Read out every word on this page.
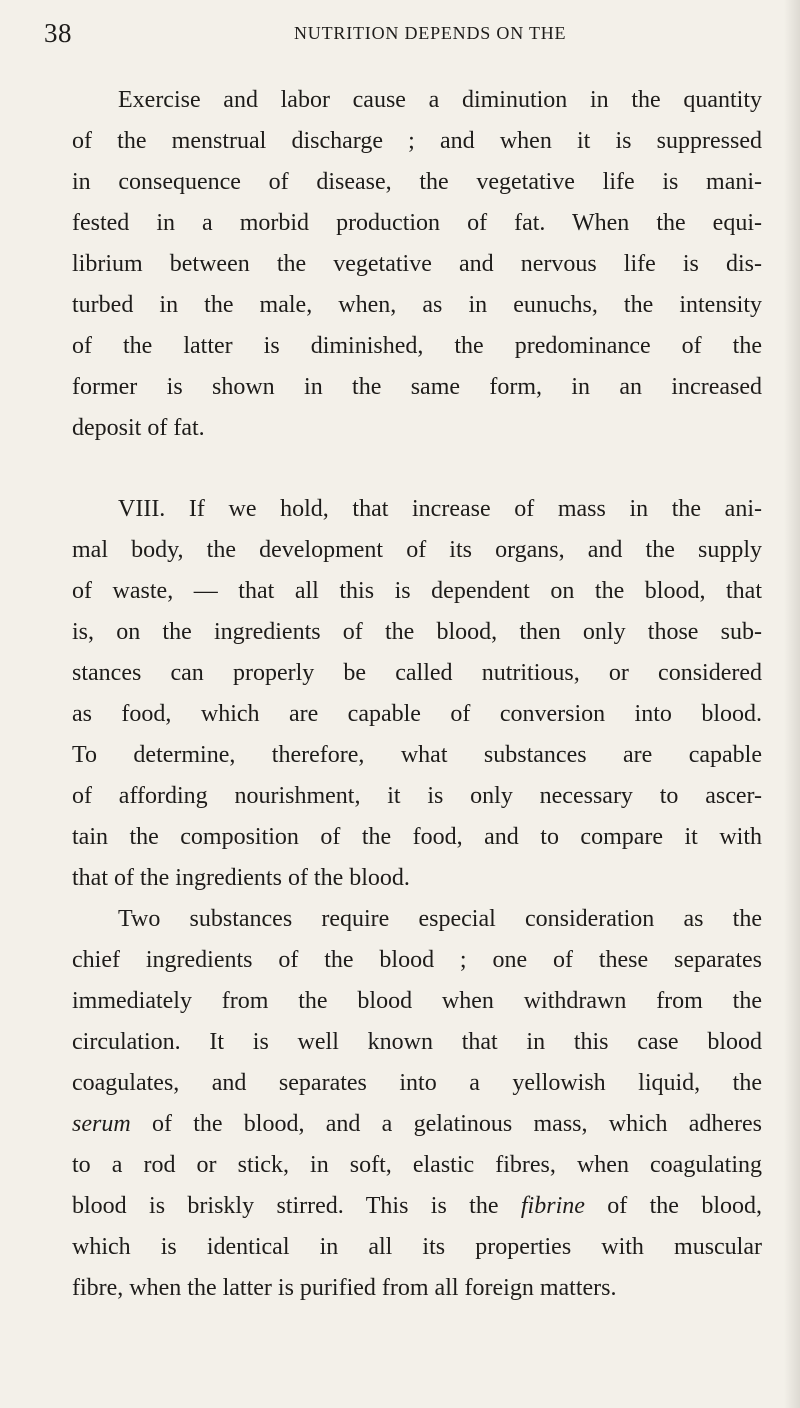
38	NUTRITION DEPENDS ON THE
Exercise and labor cause a diminution in the quantity
of the menstrual discharge ; and when it is suppressed
in consequence of disease, the vegetative life is mani-
fested in a morbid production of fat. When the equi-
librium between the vegetative and nervous life is dis-
turbed in the male, when, as in eunuchs, the intensity
of the latter is diminished, the predominance of the
former is shown in the same form, in an increased
deposit of fat.
VIII. If we hold, that increase of mass in the ani-
mal body, the development of its organs, and the supply
of waste, — that all this is dependent on the blood, that
is, on the ingredients of the blood, then only those sub-
stances can properly be called nutritious, or considered
as food, which are capable of conversion into blood.
To determine, therefore, what substances are capable
of affording nourishment, it is only necessary to ascer-
tain the composition of the food, and to compare it with
that of the ingredients of the blood.
Two substances require especial consideration as the
chief ingredients of the blood ; one of these separates
immediately from the blood when withdrawn from the
circulation. It is well known that in this case blood
coagulates, and separates into a yellowish liquid, the
serum of the blood, and a gelatinous mass, which adheres
to a rod or stick, in soft, elastic fibres, when coagulating
blood is briskly stirred. This is the fibrine of the blood,
which is identical in all its properties with muscular
fibre, when the latter is purified from all foreign matters.
